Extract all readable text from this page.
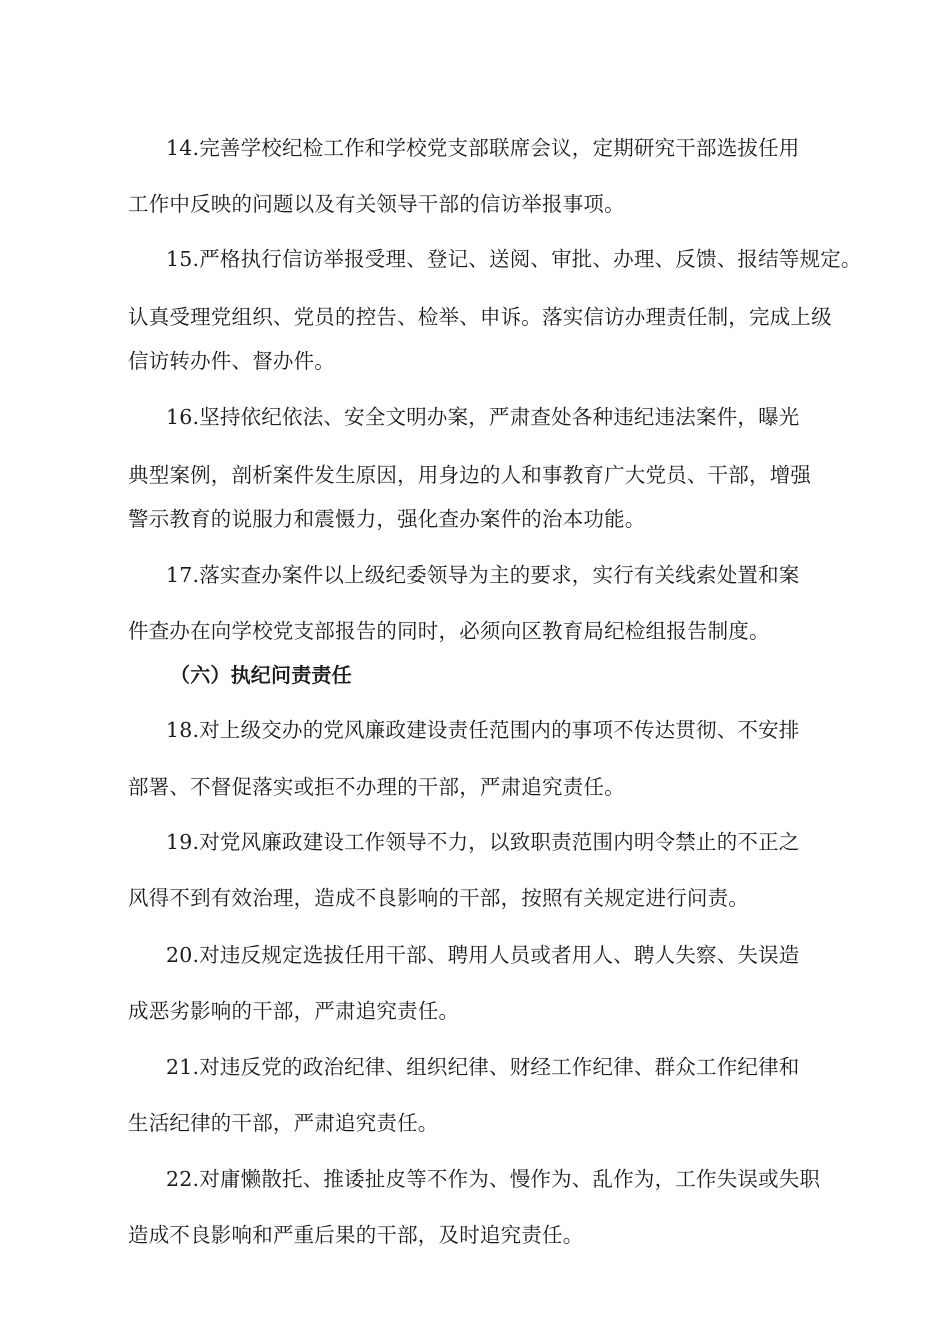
14.完善学校纪检工作和学校党支部联席会议，定期研究干部选拔任用
工作中反映的问题以及有关领导干部的信访举报事项。
15.严格执行信访举报受理、登记、送阅、审批、办理、反馈、报结等规定。
认真受理党组织、党员的控告、检举、申诉。落实信访办理责任制，完成上级
信访转办件、督办件。
16.坚持依纪依法、安全文明办案，严肃查处各种违纪违法案件，曝光
典型案例，剖析案件发生原因，用身边的人和事教育广大党员、干部，增强
警示教育的说服力和震慑力，强化查办案件的治本功能。
17.落实查办案件以上级纪委领导为主的要求，实行有关线索处置和案
件查办在向学校党支部报告的同时，必须向区教育局纪检组报告制度。
（六）执纪问责责任
18.对上级交办的党风廉政建设责任范围内的事项不传达贯彻、不安排
部署、不督促落实或拒不办理的干部，严肃追究责任。
19.对党风廉政建设工作领导不力，以致职责范围内明令禁止的不正之
风得不到有效治理，造成不良影响的干部，按照有关规定进行问责。
20.对违反规定选拔任用干部、聘用人员或者用人、聘人失察、失误造
成恶劣影响的干部，严肃追究责任。
21.对违反党的政治纪律、组织纪律、财经工作纪律、群众工作纪律和
生活纪律的干部，严肃追究责任。
22.对庸懒散托、推诿扯皮等不作为、慢作为、乱作为，工作失误或失职
造成不良影响和严重后果的干部，及时追究责任。
